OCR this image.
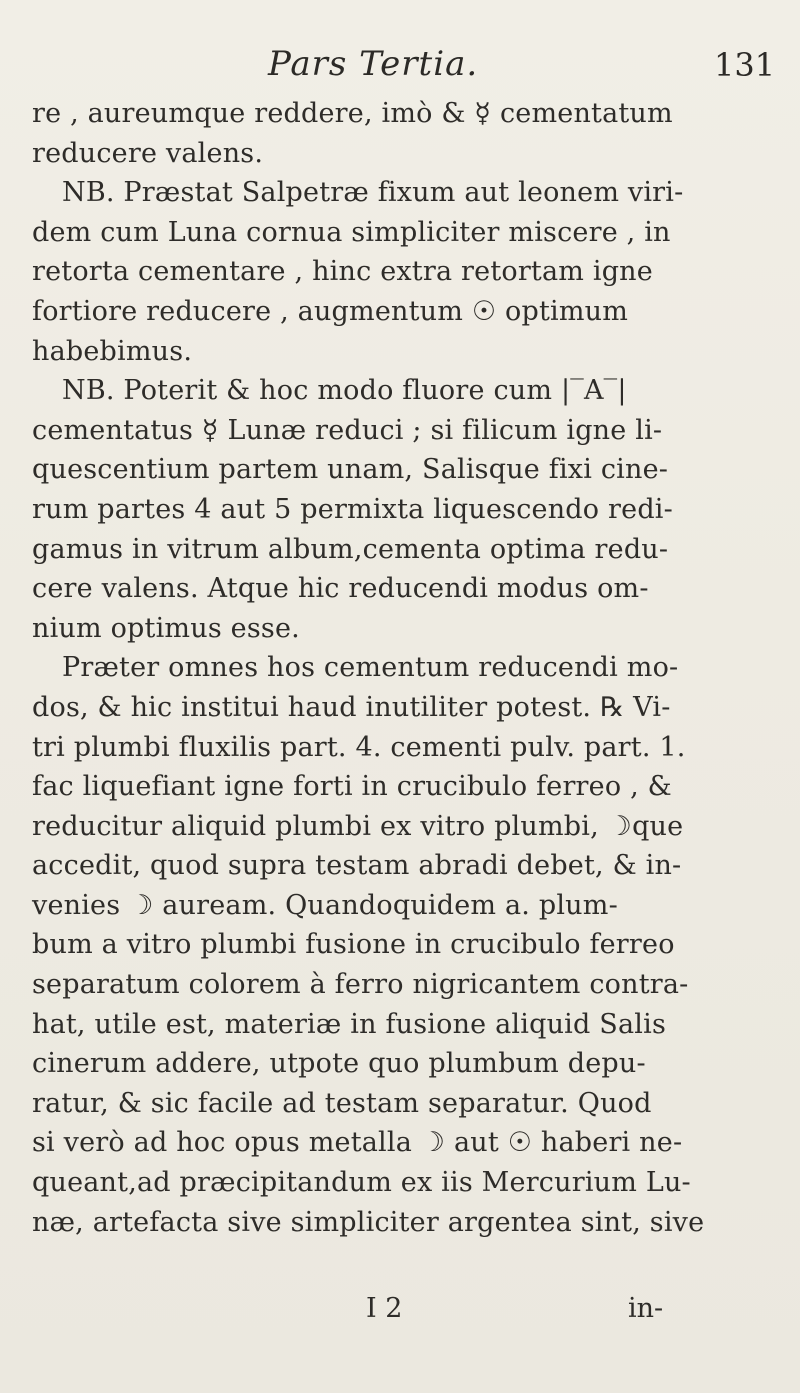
Pars Tertia.	131
re , aureumque reddere, imò & ☿ cementatum
reducere valens.
NB. Præstat Salpetræ fixum aut leonem viri-
dem cum Luna cornua simpliciter miscere , in
retorta cementare , hinc extra retortam igne
fortiore reducere , augmentum ☉ optimum
habebimus.
NB. Poterit & hoc modo fluore cum |‾A‾|
cementatus ☿ Lunæ reduci ; si filicum igne li-
quescentium partem unam, Salisque fixi cine-
rum partes 4 aut 5 permixta liquescendo redi-
gamus in vitrum album,cementa optima redu-
cere valens. Atque hic reducendi modus om-
nium optimus esse.
Præter omnes hos cementum reducendi mo-
dos, & hic institui haud inutiliter potest. ℞ Vi-
tri plumbi fluxilis part. 4. cementi pulv. part. 1.
fac liquefiant igne forti in crucibulo ferreo , &
reducitur aliquid plumbi ex vitro plumbi, ☽que
accedit, quod supra testam abradi debet, & in-
venies ☽ auream. Quandoquidem a. plum-
bum a vitro plumbi fusione in crucibulo ferreo
separatum colorem à ferro nigricantem contra-
hat, utile est, materiæ in fusione aliquid Salis
cinerum addere, utpote quo plumbum depu-
ratur, & sic facile ad testam separatur. Quod
si verò ad hoc opus metalla ☽ aut ☉ haberi ne-
queant,ad præcipitandum ex iis Mercurium Lu-
næ, artefacta sive simpliciter argentea sint, sive
I 2	in-
